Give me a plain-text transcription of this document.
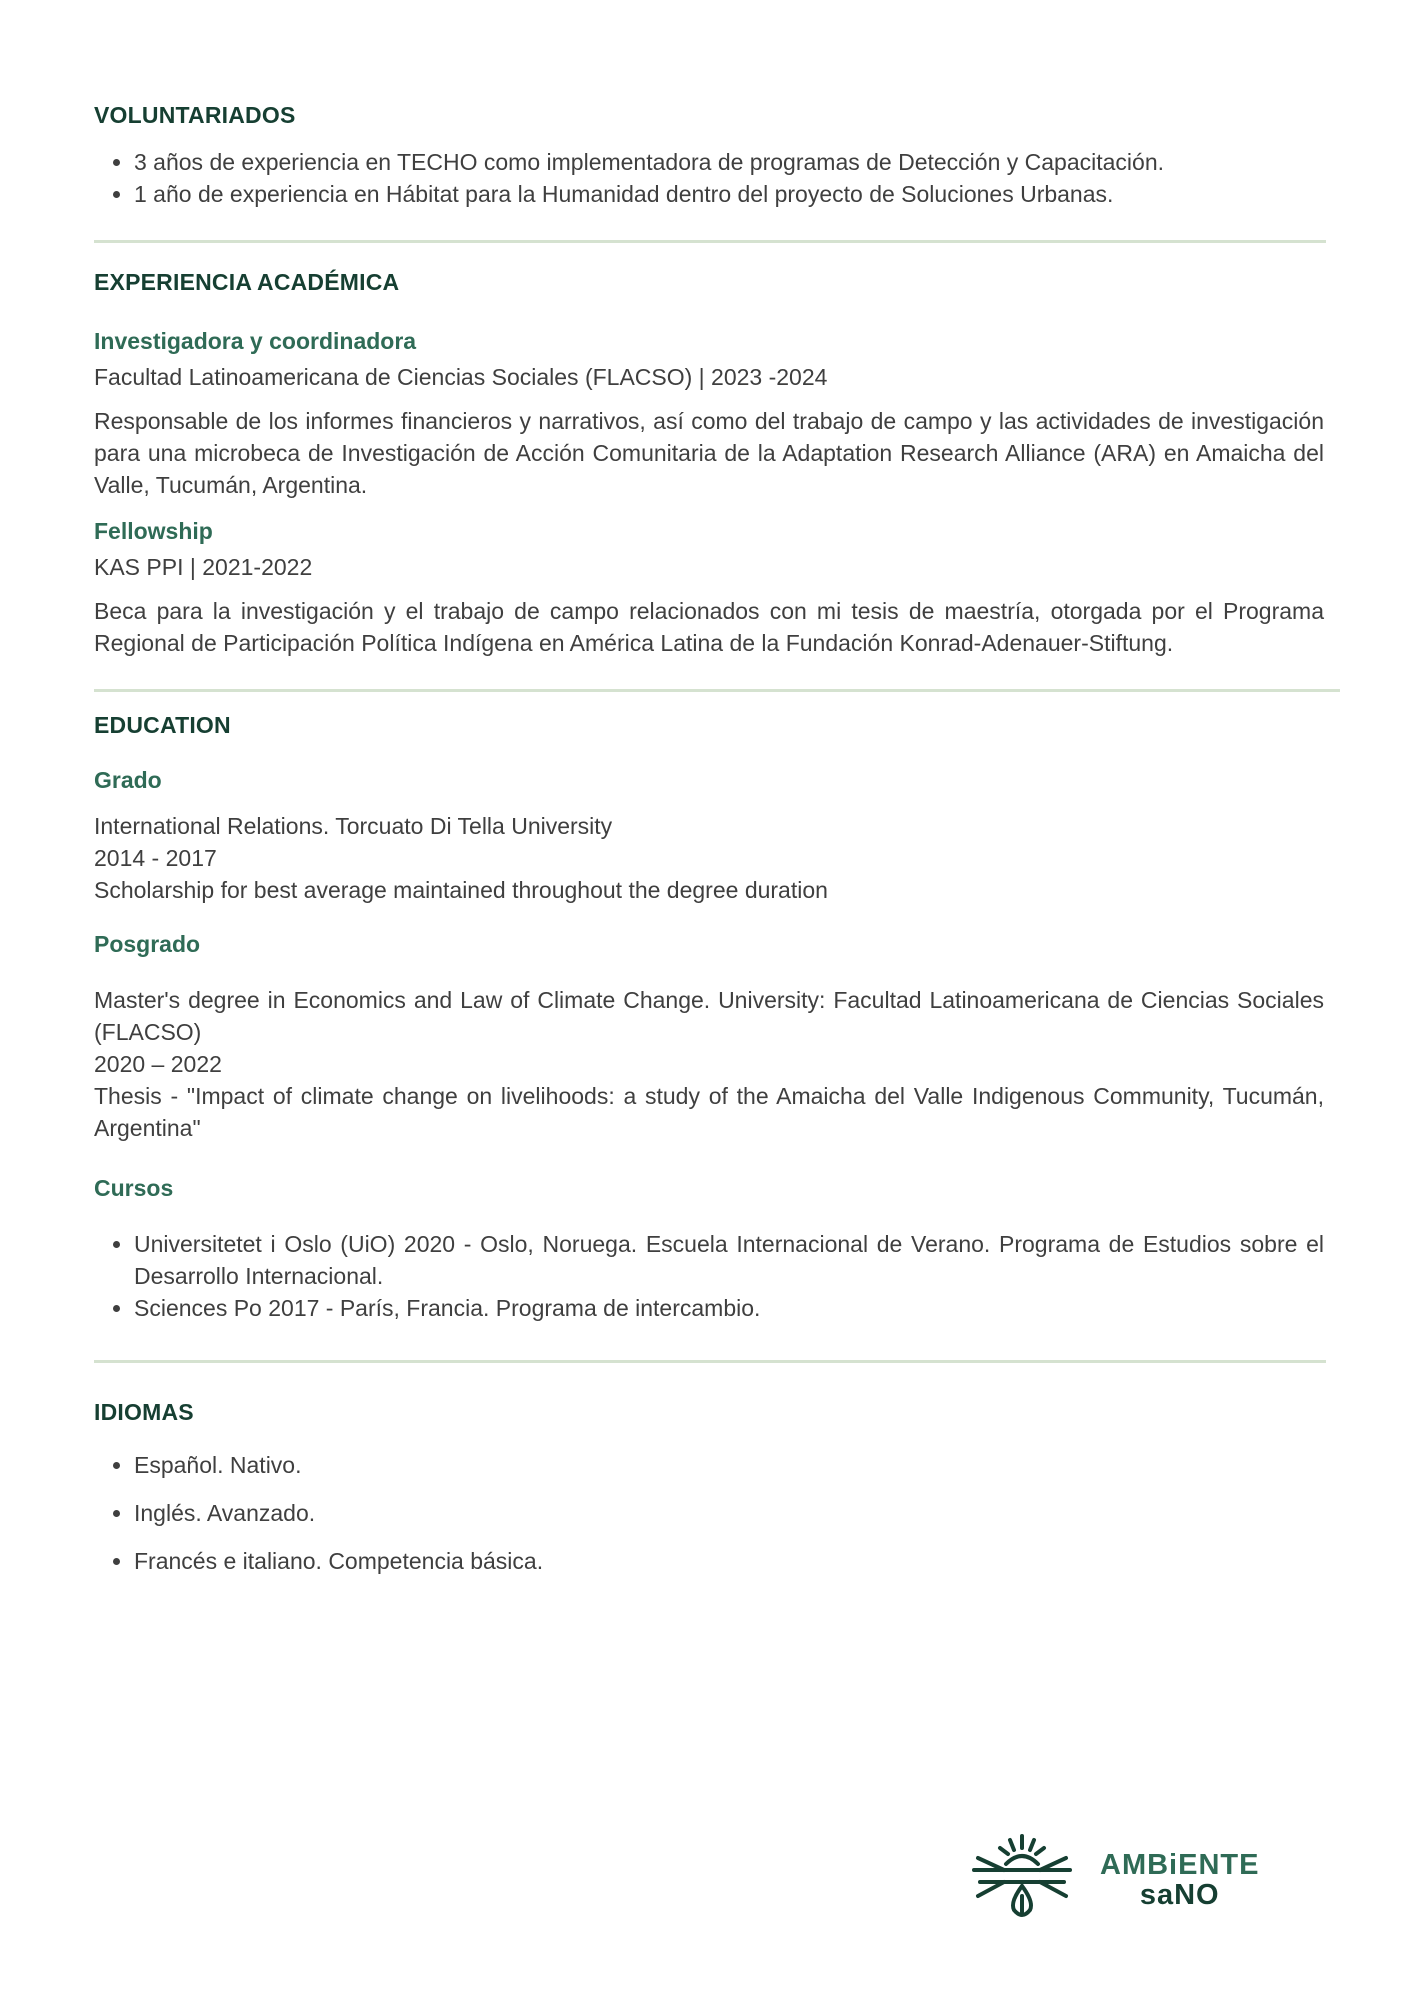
VOLUNTARIADOS
• 3 años de experiencia en TECHO como implementadora de programas de Detección y Capacitación.
• 1 año de experiencia en Hábitat para la Humanidad dentro del proyecto de Soluciones Urbanas.
EXPERIENCIA ACADÉMICA
Investigadora y coordinadora

Facultad Latinoamericana de Ciencias Sociales (FLACSO) | 2023 -2024

Responsable de los informes financieros y narrativos, así como del trabajo de campo y las actividades de investigación para una microbeca de Investigación de Acción Comunitaria de la Adaptation Research Alliance (ARA) en Amaicha del Valle, Tucumán, Argentina.

Fellowship

KAS PPI | 2021-2022

Beca para la investigación y el trabajo de campo relacionados con mi tesis de maestría, otorgada por el Programa Regional de Participación Política Indígena en América Latina de la Fundación Konrad-Adenauer-Stiftung.

EDUCATION
Grado

International Relations. Torcuato Di Tella University

2014 - 2017

Scholarship for best average maintained throughout the degree duration

Posgrado

Master's degree in Economics and Law of Climate Change. University: Facultad Latinoamericana de Ciencias Sociales (FLACSO)

2020 – 2022

Thesis - "Impact of climate change on livelihoods: a study of the Amaicha del Valle Indigenous Community, Tucumán, Argentina"

Cursos
• Universitetet i Oslo (UiO) 2020 - Oslo, Noruega. Escuela Internacional de Verano. Programa de Estudios sobre el Desarrollo Internacional.
• Sciences Po 2017 - París, Francia. Programa de intercambio.
IDIOMAS
• Español. Nativo.
• Inglés. Avanzado.
• Francés e italiano. Competencia básica.
AMBiENTE
saNO
